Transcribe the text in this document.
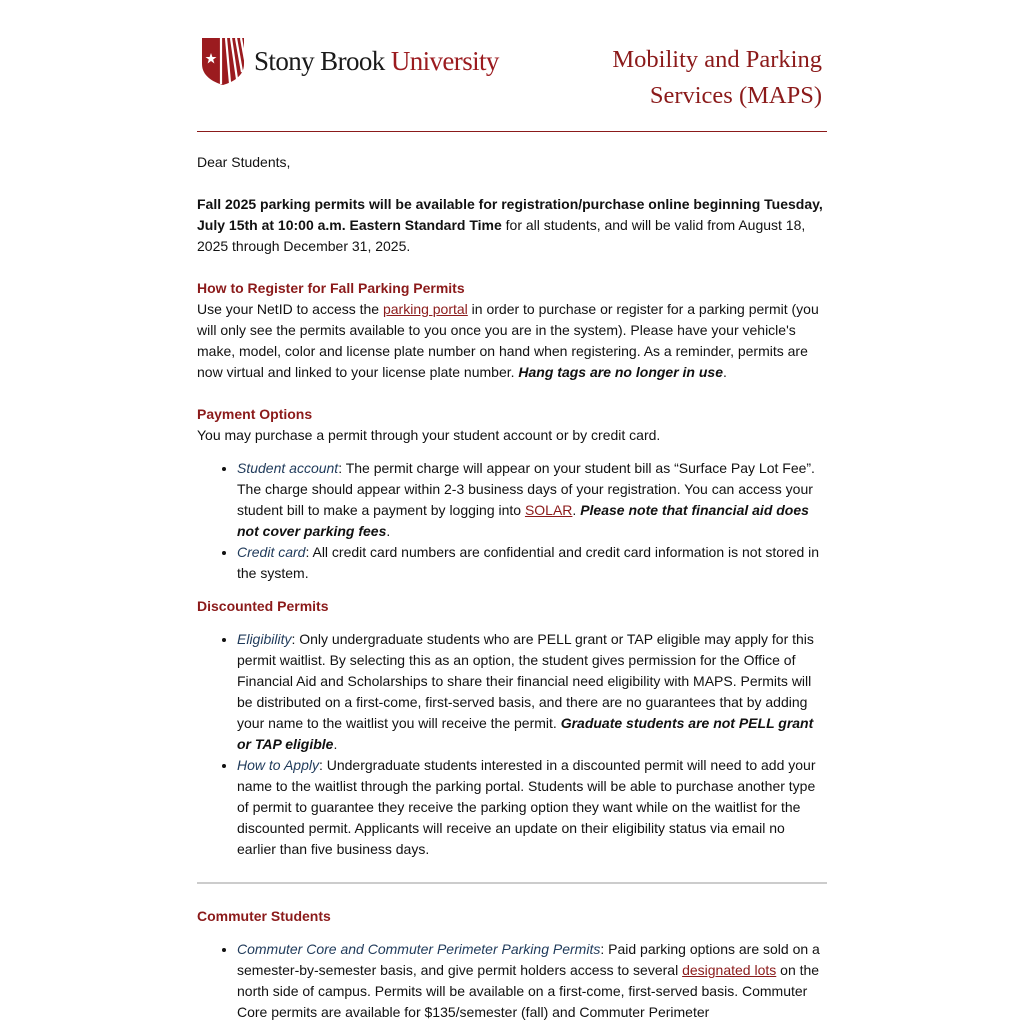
Stony Brook University	Mobility and Parking
Services (MAPS)

Dear Students,

Fall 2025 parking permits will be available for registration/purchase online beginning Tuesday, July 15th at 10:00 a.m. Eastern Standard Time for all students, and will be valid from August 18, 2025 through December 31, 2025.

How to Register for Fall Parking Permits

Use your NetID to access the parking portal in order to purchase or register for a parking permit (you will only see the permits available to you once you are in the system). Please have your vehicle's make, model, color and license plate number on hand when registering. As a reminder, permits are now virtual and linked to your license plate number. Hang tags are no longer in use.

Payment Options

You may purchase a permit through your student account or by credit card.

• Student account: The permit charge will appear on your student bill as “Surface Pay Lot Fee”. The charge should appear within 2-3 business days of your registration. You can access your student bill to make a payment by logging into SOLAR. Please note that financial aid does not cover parking fees.
• Credit card: All credit card numbers are confidential and credit card information is not stored in the system.
Discounted Permits
• Eligibility: Only undergraduate students who are PELL grant or TAP eligible may apply for this permit waitlist. By selecting this as an option, the student gives permission for the Office of Financial Aid and Scholarships to share their financial need eligibility with MAPS. Permits will be distributed on a first-come, first-served basis, and there are no guarantees that by adding your name to the waitlist you will receive the permit. Graduate students are not PELL grant or TAP eligible.
• How to Apply: Undergraduate students interested in a discounted permit will need to add your name to the waitlist through the parking portal. Students will be able to purchase another type of permit to guarantee they receive the parking option they want while on the waitlist for the discounted permit. Applicants will receive an update on their eligibility status via email no earlier than five business days.
Commuter Students
• Commuter Core and Commuter Perimeter Parking Permits: Paid parking options are sold on a semester-by-semester basis, and give permit holders access to several designated lots on the north side of campus. Permits will be available on a first-come, first-served basis. Commuter Core permits are available for $135/semester (fall) and Commuter Perimeter
